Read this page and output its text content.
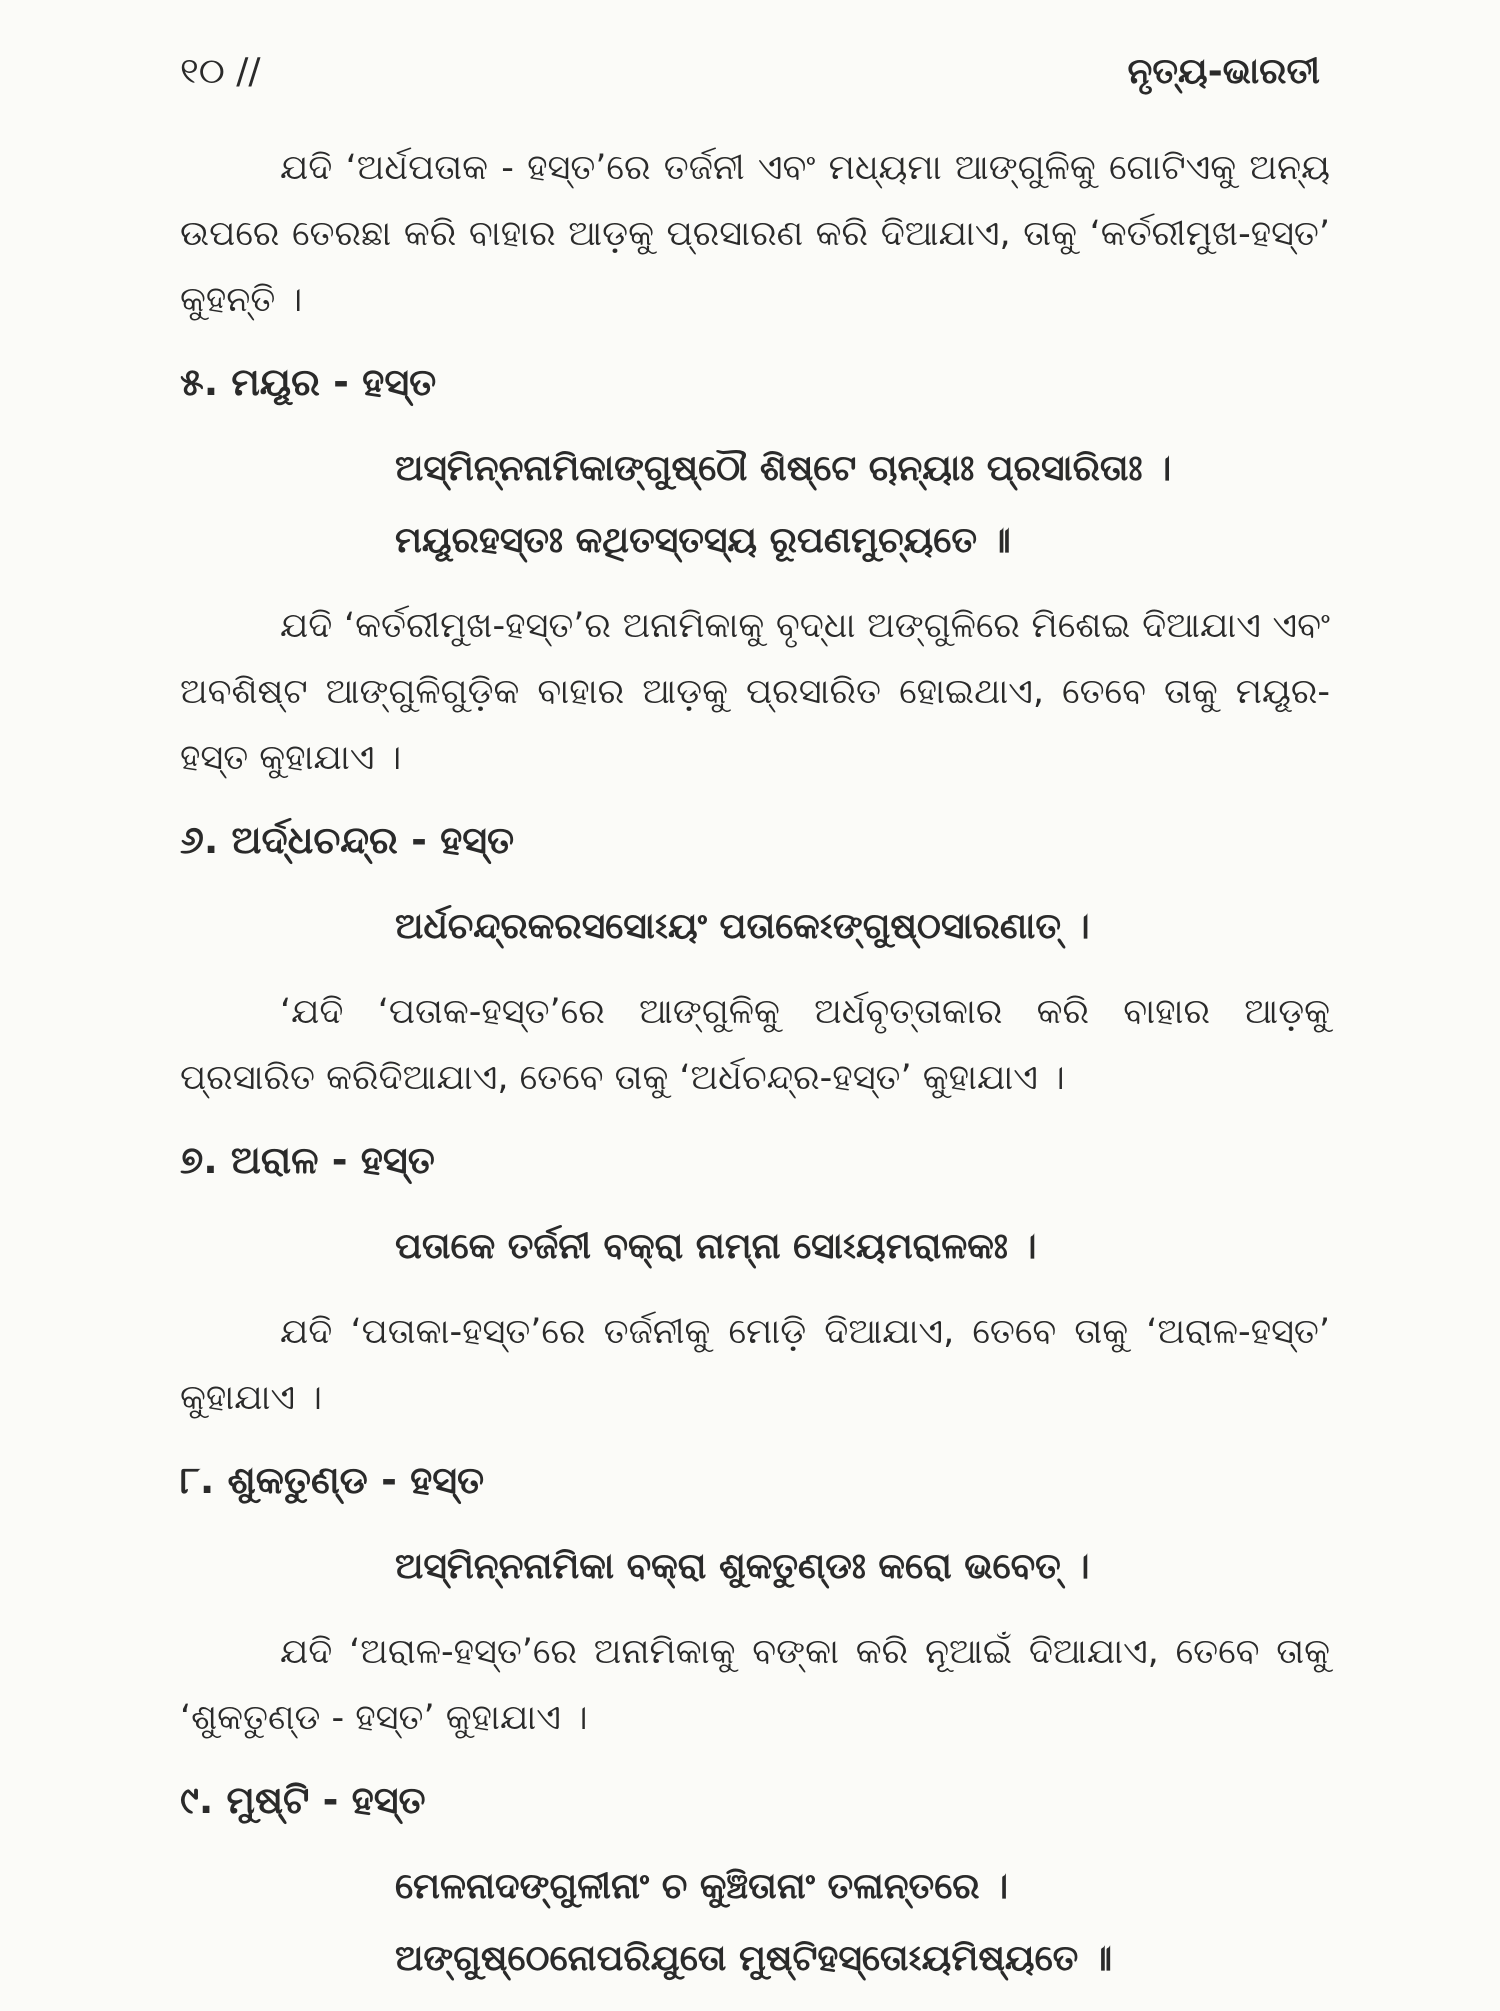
୧୦ //	ନୃତ୍ୟ-ଭାରତୀ

ଯଦି ‘ଅର୍ଧପତାକ - ହସ୍ତ’ରେ ତର୍ଜନୀ ଏବଂ ମଧ୍ୟମା ଆଙ୍ଗୁଳିକୁ ଗୋଟିଏକୁ ଅନ୍ୟ ଉପରେ ତେରଛା କରି ବାହାର ଆଡ଼କୁ ପ୍ରସାରଣ କରି ଦିଆଯାଏ, ତାକୁ ‘କର୍ତରୀମୁଖ-ହସ୍ତ’ କୁହନ୍ତି ।

୫. ମୟୂର - ହସ୍ତ
ଅସ୍ମିନ୍ନନାମିକାଙ୍ଗୁଷ୍ଠୌ ଶିଷ୍ଟେ ଚାନ୍ୟାଃ ପ୍ରସାରିତାଃ ।
ମୟୂରହସ୍ତଃ କଥିତସ୍ତସ୍ୟ ରୂପଣମୁଚ୍ୟତେ ॥

ଯଦି ‘କର୍ତରୀମୁଖ-ହସ୍ତ’ର ଅନାମିକାକୁ ବୃଦ୍ଧା ଅଙ୍ଗୁଳିରେ ମିଶେଇ ଦିଆଯାଏ ଏବଂ ଅବଶିଷ୍ଟ ଆଙ୍ଗୁଳିଗୁଡ଼ିକ ବାହାର ଆଡ଼କୁ ପ୍ରସାରିତ ହୋଇଥାଏ, ତେବେ ତାକୁ ମୟୂର-ହସ୍ତ କୁହାଯାଏ ।

୬. ଅର୍ଦ୍ଧଚନ୍ଦ୍ର - ହସ୍ତ
ଅର୍ଧଚନ୍ଦ୍ରକରସସୋଽୟଂ ପତାକେଽଙ୍ଗୁଷ୍ଠସାରଣାତ୍ ।

‘ଯଦି ‘ପତାକ-ହସ୍ତ’ରେ ଆଙ୍ଗୁଳିକୁ ଅର୍ଧବୃତ୍ତାକାର କରି ବାହାର ଆଡ଼କୁ ପ୍ରସାରିତ କରିଦିଆଯାଏ, ତେବେ ତାକୁ ‘ଅର୍ଧଚନ୍ଦ୍ର-ହସ୍ତ’ କୁହାଯାଏ ।

୭. ଅରାଳ - ହସ୍ତ
ପତାକେ ତର୍ଜନୀ ବକ୍ରା ନାମ୍ନା ସୋଽୟମରାଳକଃ ।

ଯଦି ‘ପତାକା-ହସ୍ତ’ରେ ତର୍ଜନୀକୁ ମୋଡ଼ି ଦିଆଯାଏ, ତେବେ ତାକୁ ‘ଅରାଳ-ହସ୍ତ’ କୁହାଯାଏ ।

୮. ଶୁକତୁଣ୍ଡ - ହସ୍ତ
ଅସ୍ମିନ୍ନନାମିକା ବକ୍ରା ଶୁକତୁଣ୍ଡଃ କରୋ ଭବେତ୍ ।

ଯଦି ‘ଅରାଳ-ହସ୍ତ’ରେ ଅନାମିକାକୁ ବଙ୍କା କରି ନୂଆଇଁ ଦିଆଯାଏ, ତେବେ ତାକୁ ‘ଶୁକତୁଣ୍ଡ - ହସ୍ତ’ କୁହାଯାଏ ।

୯. ମୁଷ୍ଟି - ହସ୍ତ
ମେଳନାଦଙ୍ଗୁଳୀନାଂ ଚ କୁଞ୍ଚିତାନାଂ ତଳାନ୍ତରେ ।
ଅଙ୍ଗୁଷ୍ଠେନୋପରିଯୁତୋ ମୁଷ୍ଟିହସ୍ତୋଽୟମିଷ୍ୟତେ ॥
